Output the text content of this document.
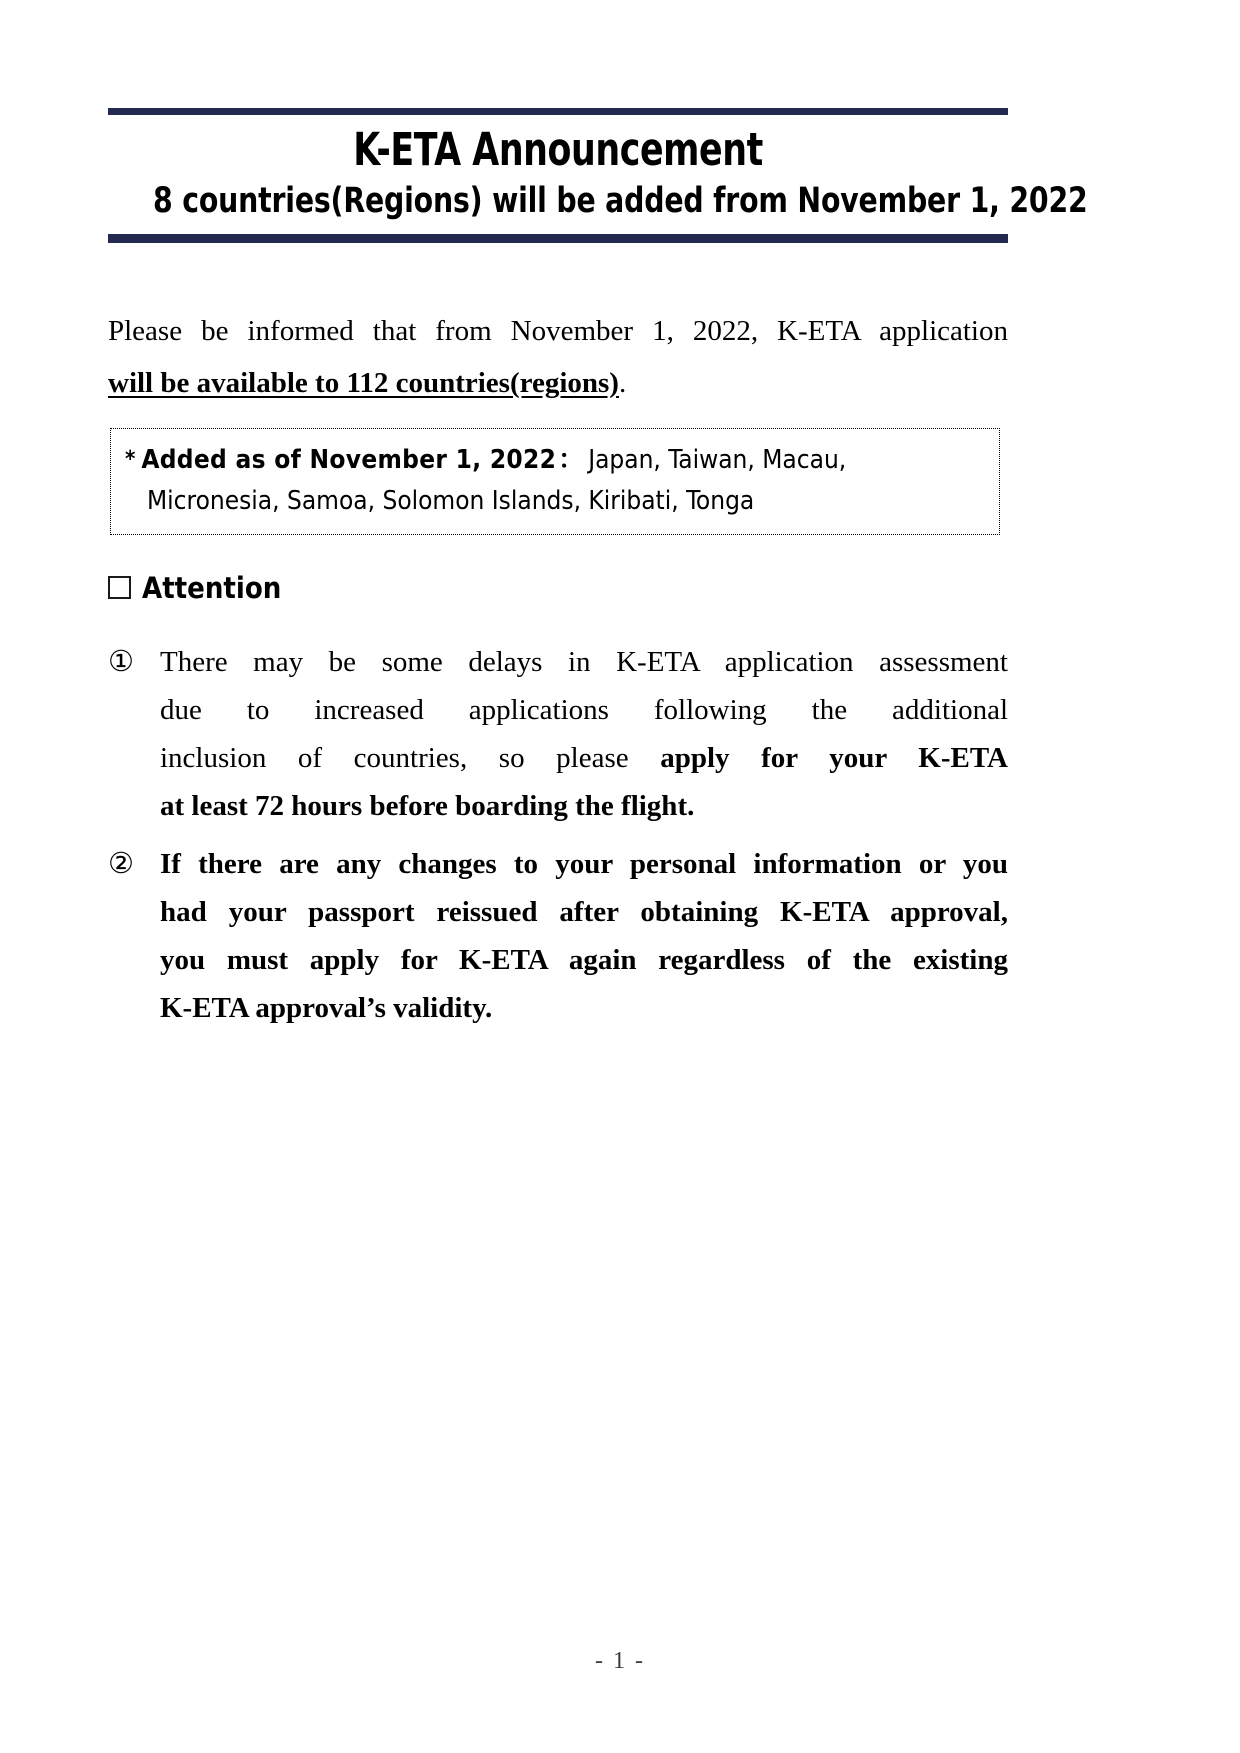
K-ETA Announcement
8 countries(Regions) will be added from November 1, 2022
Please be informed that from November 1, 2022, K-ETA application
will be available to 112 countries(regions).
* Added as of November 1, 2022： Japan, Taiwan, Macau,
Micronesia, Samoa, Solomon Islands, Kiribati, Tonga
Attention
① There may be some delays in K-ETA application assessment
due to increased applications following the additional
inclusion of countries, so please apply for your K-ETA
at least 72 hours before boarding the flight.
② If there are any changes to your personal information or you
had your passport reissued after obtaining K-ETA approval,
you must apply for K-ETA again regardless of the existing
K-ETA approval’s validity.
- 1 -
